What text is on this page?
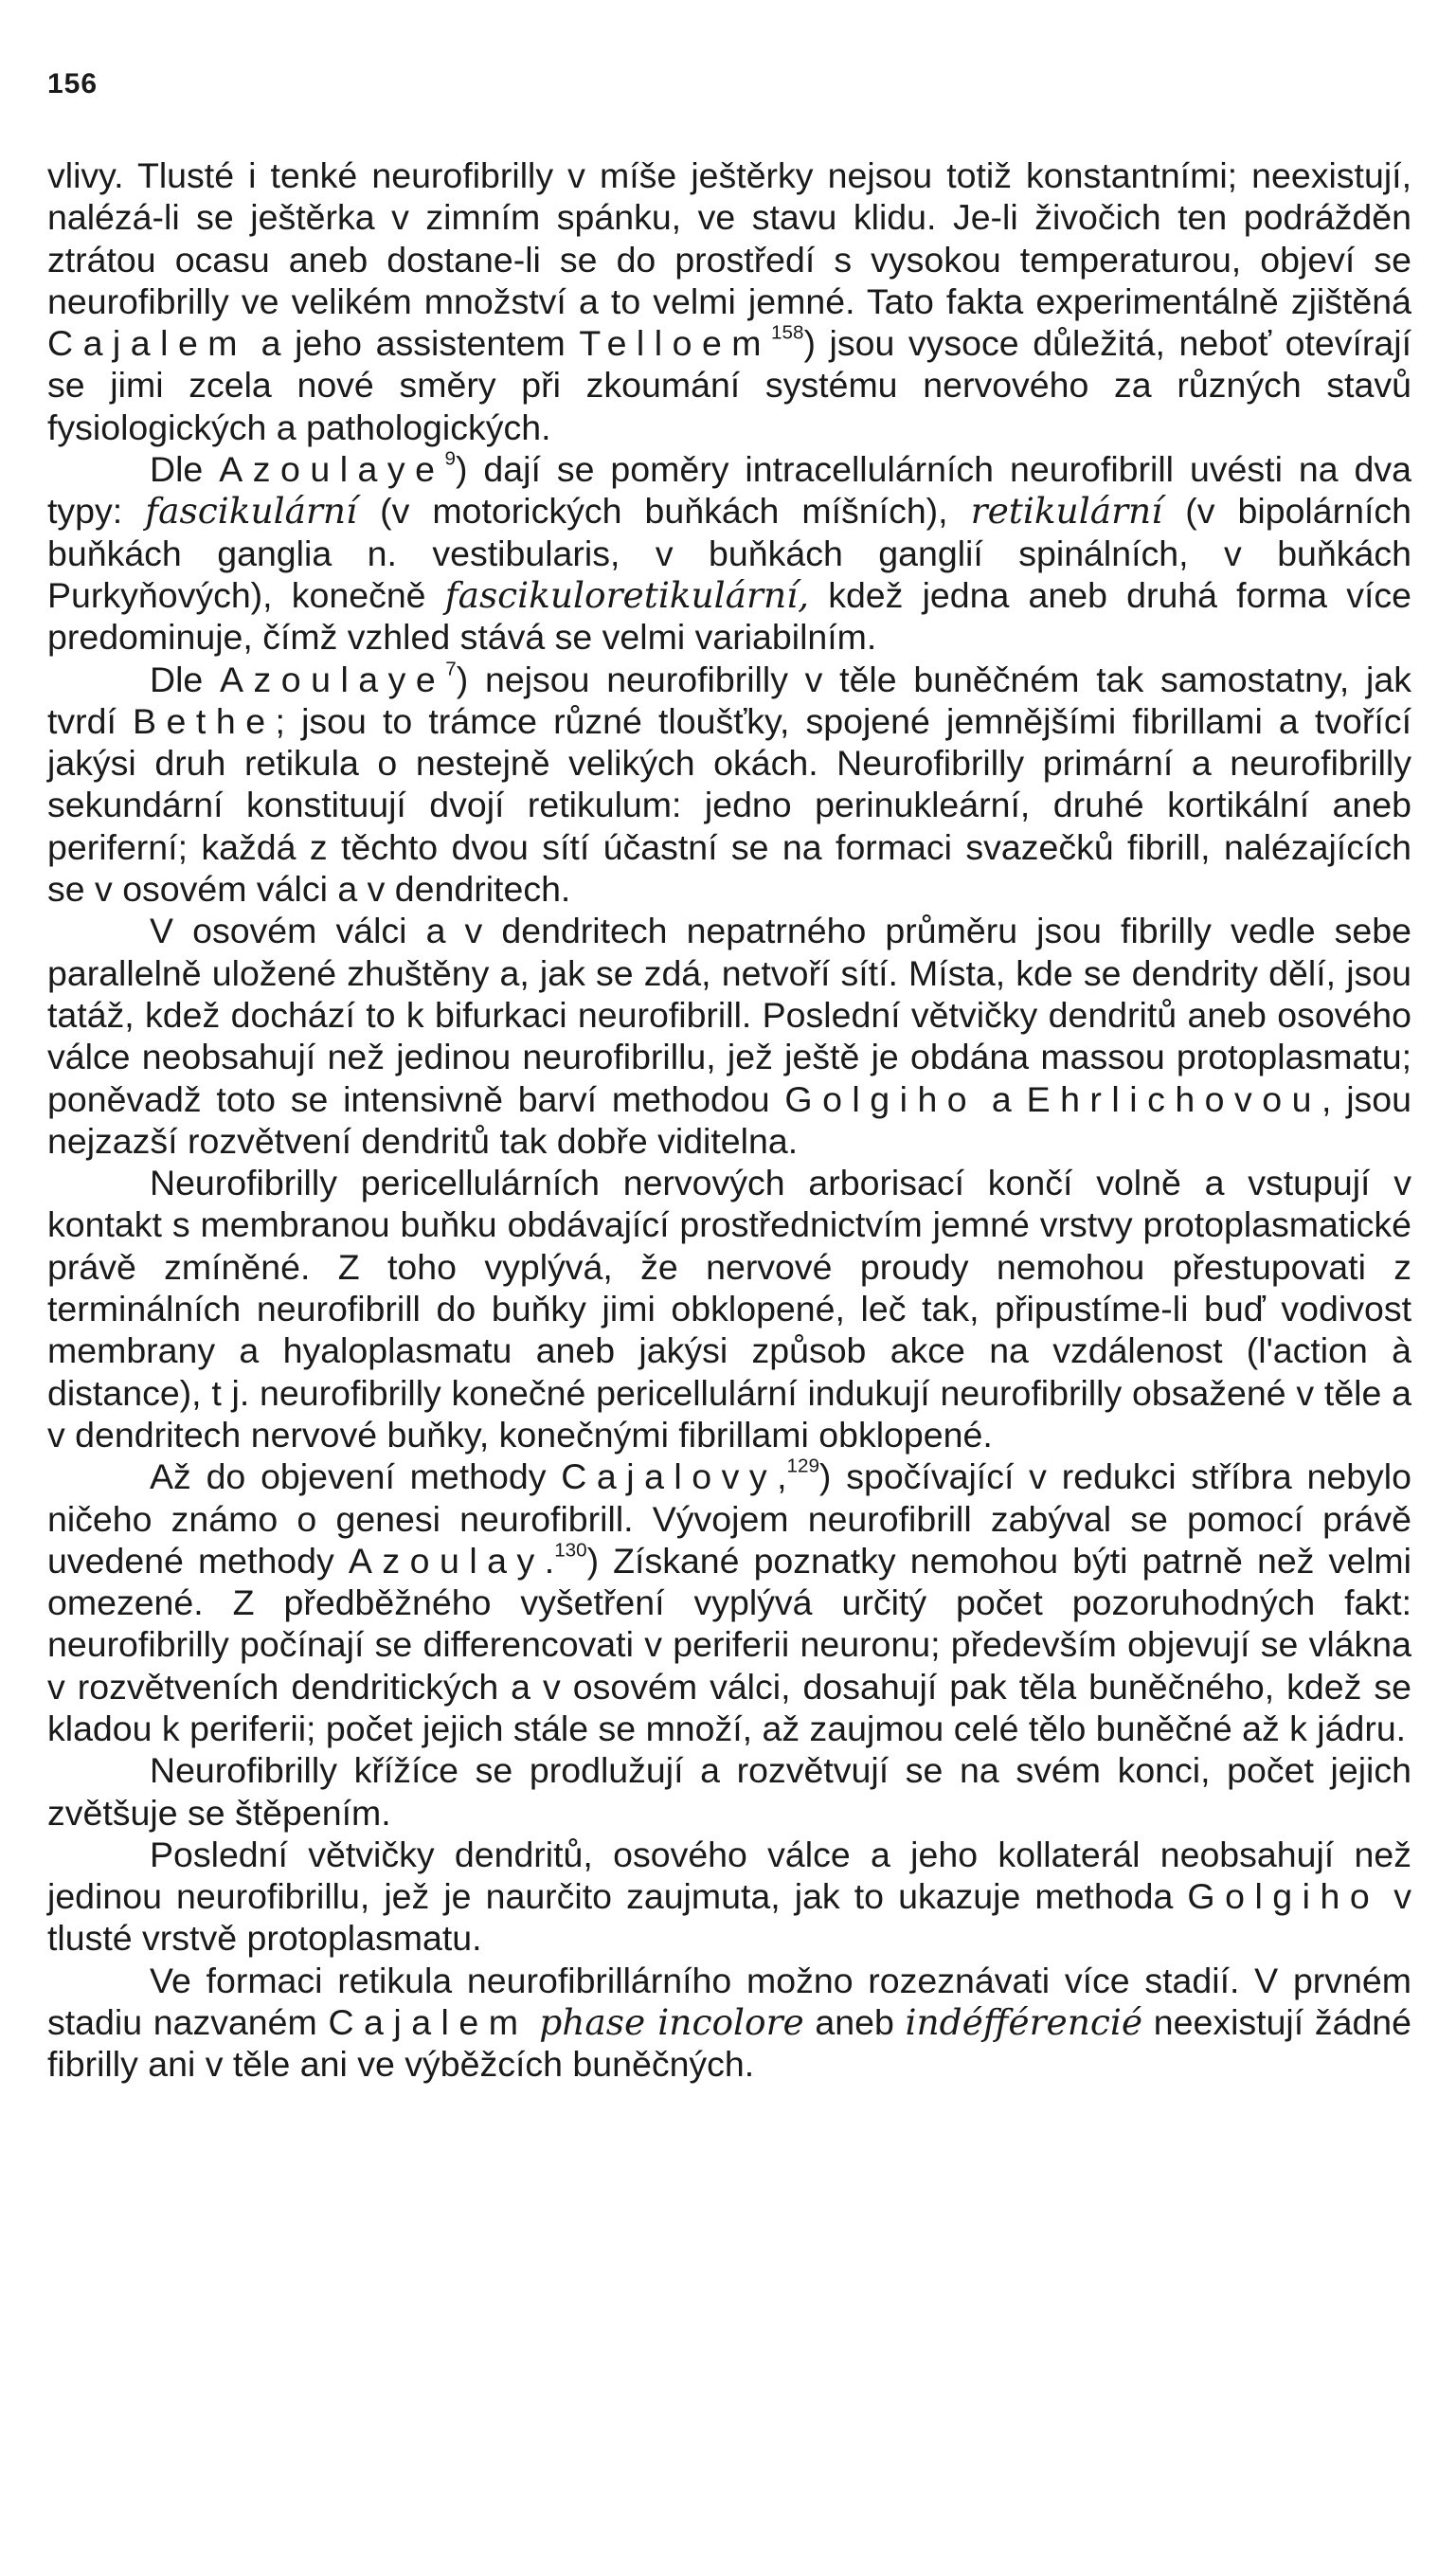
156

vlivy. Tlusté i tenké neurofibrilly v míše ještěrky nejsou totiž konstantními; neexistují, nalézá-li se ještěrka v zimním spánku, ve stavu klidu. Je-li živočich ten podrážděn ztrátou ocasu aneb dostane-li se do prostředí s vysokou temperaturou, objeví se neurofibrilly ve velikém množství a to velmi jemné. Tato fakta experimentálně zjištěná Cajalem a jeho assistentem Telloem$^{158}$) jsou vysoce důležitá, neboť otevírají se jimi zcela nové směry při zkoumání systému nervového za různých stavů fysiologických a pathologických.

Dle Azoulaye$^9$) dají se poměry intracellulárních neurofibrill uvésti na dva typy: fascikulární (v motorických buňkách míšních), retikulární (v bipolárních buňkách ganglia n. vestibularis, v buňkách ganglií spinálních, v buňkách Purkyňových), konečně fascikuloretikulární, kdež jedna aneb druhá forma více predominuje, čímž vzhled stává se velmi variabilním.

Dle Azoulaye$^7$) nejsou neurofibrilly v těle buněčném tak samostatny, jak tvrdí Bethe; jsou to trámce různé tloušťky, spojené jemnějšími fibrillami a tvořící jakýsi druh retikula o nestejně velikých okách. Neurofibrilly primární a neurofibrilly sekundární konstituují dvojí retikulum: jedno perinukleární, druhé kortikální aneb periferní; každá z těchto dvou sítí účastní se na formaci svazečků fibrill, nalézajících se v osovém válci a v dendritech.

V osovém válci a v dendritech nepatrného průměru jsou fibrilly vedle sebe parallelně uložené zhuštěny a, jak se zdá, netvoří sítí. Místa, kde se dendrity dělí, jsou tatáž, kdež dochází to k bifurkaci neurofibrill. Poslední větvičky dendritů aneb osového válce neobsahují než jedinou neurofibrillu, jež ještě je obdána massou protoplasmatu; poněvadž toto se intensivně barví methodou Golgiho a Ehrlichovou, jsou nejzazší rozvětvení dendritů tak dobře viditelna.

Neurofibrilly pericellulárních nervových arborisací končí volně a vstupují v kontakt s membranou buňku obdávající prostřednictvím jemné vrstvy protoplasmatické právě zmíněné. Z toho vyplývá, že nervové proudy nemohou přestupovati z terminálních neurofibrill do buňky jimi obklopené, leč tak, připustíme-li buď vodivost membrany a hyaloplasmatu aneb jakýsi způsob akce na vzdálenost (l'action à distance), t j. neurofibrilly konečné pericellulární indukují neurofibrilly obsažené v těle a v dendritech nervové buňky, konečnými fibrillami obklopené.

Až do objevení methody Cajalovy,$^{129}$) spočívající v redukci stříbra nebylo ničeho známo o genesi neurofibrill. Vývojem neurofibrill zabýval se pomocí právě uvedené methody Azoulay.$^{130}$) Získané poznatky nemohou býti patrně než velmi omezené. Z předběžného vyšetření vyplývá určitý počet pozoruhodných fakt: neurofibrilly počínají se differencovati v periferii neuronu; především objevují se vlákna v rozvětveních dendritických a v osovém válci, dosahují pak těla buněčného, kdež se kladou k periferii; počet jejich stále se množí, až zaujmou celé tělo buněčné až k jádru.

Neurofibrilly křížíce se prodlužují a rozvětvují se na svém konci, počet jejich zvětšuje se štěpením.

Poslední větvičky dendritů, osového válce a jeho kollaterál neobsahují než jedinou neurofibrillu, jež je naurčito zaujmuta, jak to ukazuje methoda Golgiho v tlusté vrstvě protoplasmatu.

Ve formaci retikula neurofibrillárního možno rozeznávati více stadií. V prvném stadiu nazvaném Cajalem phase incolore aneb indéfférencié neexistují žádné fibrilly ani v těle ani ve výběžcích buněčných.
